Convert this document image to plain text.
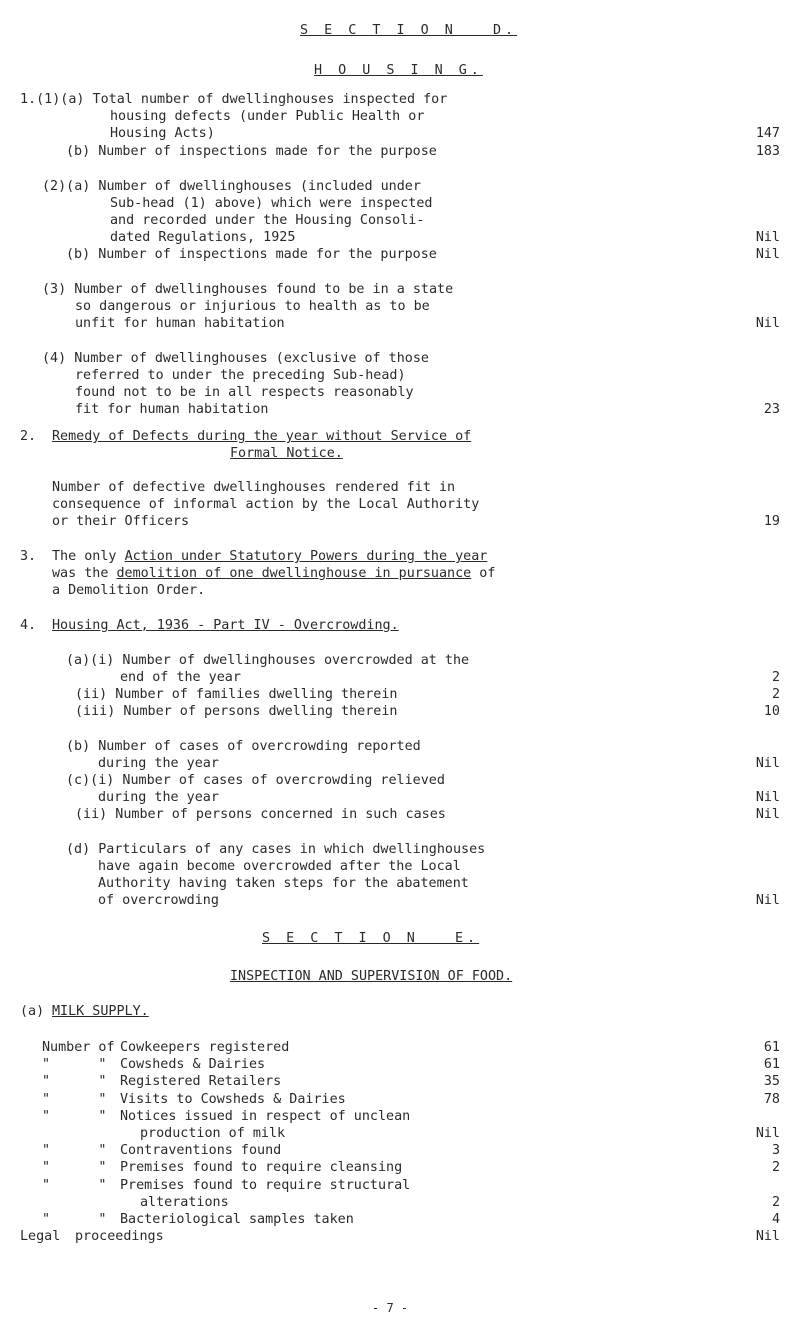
S E C T I O N   D.
H O U S I N G.
1.(1)(a) Total number of dwellinghouses inspected for
housing defects (under Public Health or
Housing Acts)	147
(b) Number of inspections made for the purpose	183
(2)(a) Number of dwellinghouses (included under
Sub-head (1) above) which were inspected
and recorded under the Housing Consoli-
dated Regulations, 1925	Nil
(b) Number of inspections made for the purpose	Nil
(3) Number of dwellinghouses found to be in a state
so dangerous or injurious to health as to be
unfit for human habitation	Nil
(4) Number of dwellinghouses (exclusive of those
referred to under the preceding Sub-head)
found not to be in all respects reasonably
fit for human habitation	23
2. Remedy of Defects during the year without Service of
Formal Notice.
Number of defective dwellinghouses rendered fit in
consequence of informal action by the Local Authority
or their Officers	19
3. The only Action under Statutory Powers during the year
was the demolition of one dwellinghouse in pursuance of
a Demolition Order.
4. Housing Act, 1936 - Part IV - Overcrowding.
(a)(i) Number of dwellinghouses overcrowded at the
end of the year	2
(ii) Number of families dwelling therein	2
(iii) Number of persons dwelling therein	10
(b) Number of cases of overcrowding reported
during the year	Nil
(c)(i) Number of cases of overcrowding relieved
during the year	Nil
(ii) Number of persons concerned in such cases	Nil
(d) Particulars of any cases in which dwellinghouses
have again become overcrowded after the Local
Authority having taken steps for the abatement
of overcrowding	Nil
S E C T I O N   E.
INSPECTION AND SUPERVISION OF FOOD.
(a) MILK SUPPLY.
Number of Cowkeepers registered	61
"      " Cowsheds & Dairies	61
"      " Registered Retailers	35
"      " Visits to Cowsheds & Dairies	78
"      " Notices issued in respect of unclean
production of milk	Nil
"      " Contraventions found	3
"      " Premises found to require cleansing	2
"      " Premises found to require structural
alterations	2
"      " Bacteriological samples taken	4
Legal proceedings	Nil
- 7 -
